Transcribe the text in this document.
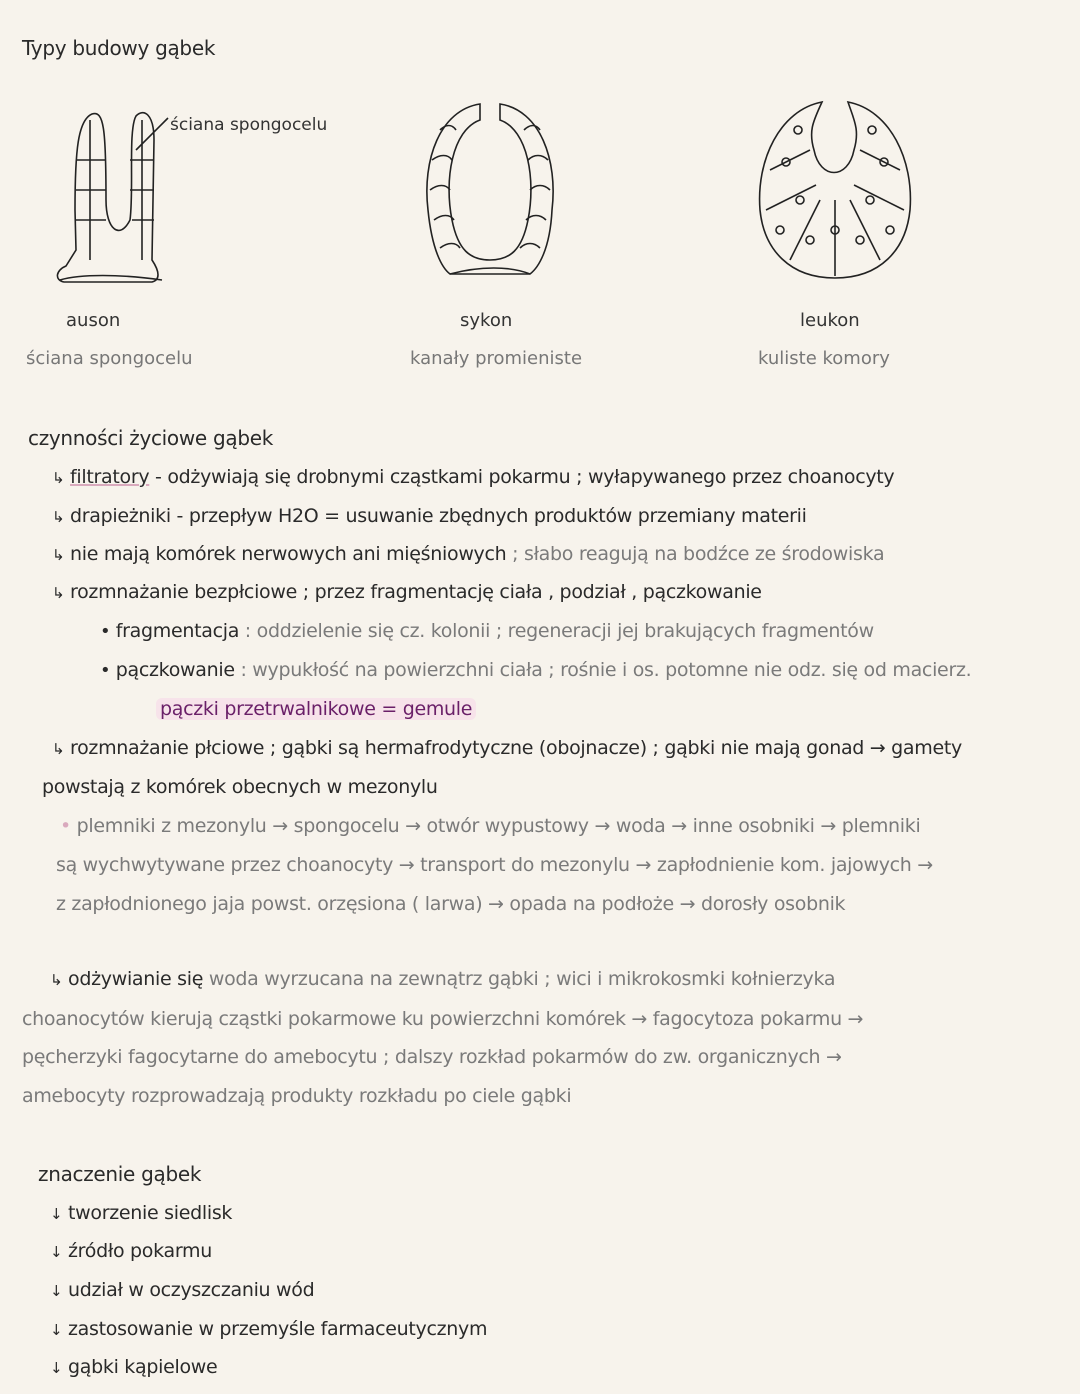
Typy budowy gąbek
ściana spongocelu
auson
ściana spongocelu
sykon
kanały promieniste
leukon
kuliste komory
czynności życiowe gąbek
↳ filtratory - odżywiają się drobnymi cząstkami pokarmu ; wyłapywanego przez choanocyty
↳ drapieżniki - przepływ H2O = usuwanie zbędnych produktów przemiany materii
↳ nie mają komórek nerwowych ani mięśniowych ; słabo reagują na bodźce ze środowiska
↳ rozmnażanie bezpłciowe ; przez fragmentację ciała , podział , pączkowanie
• fragmentacja : oddzielenie się cz. kolonii ; regeneracji jej brakujących fragmentów
• pączkowanie : wypukłość na powierzchni ciała ; rośnie i os. potomne nie odz. się od macierz.
pączki przetrwalnikowe = gemule
↳ rozmnażanie płciowe ; gąbki są hermafrodytyczne (obojnacze) ; gąbki nie mają gonad → gamety
powstają z komórek obecnych w mezonylu
• plemniki z mezonylu → spongocelu → otwór wypustowy → woda → inne osobniki → plemniki
są wychwytywane przez choanocyty → transport do mezonylu → zapłodnienie kom. jajowych →
z zapłodnionego jaja powst. orzęsiona ( larwa) → opada na podłoże → dorosły osobnik
↳ odżywianie się woda wyrzucana na zewnątrz gąbki ; wici i mikrokosmki kołnierzyka
choanocytów kierują cząstki pokarmowe ku powierzchni komórek → fagocytoza pokarmu →
pęcherzyki fagocytarne do amebocytu ; dalszy rozkład pokarmów do zw. organicznych →
amebocyty rozprowadzają produkty rozkładu po ciele gąbki
znaczenie gąbek
↓ tworzenie siedlisk
↓ źródło pokarmu
↓ udział w oczyszczaniu wód
↓ zastosowanie w przemyśle farmaceutycznym
↓ gąbki kąpielowe
